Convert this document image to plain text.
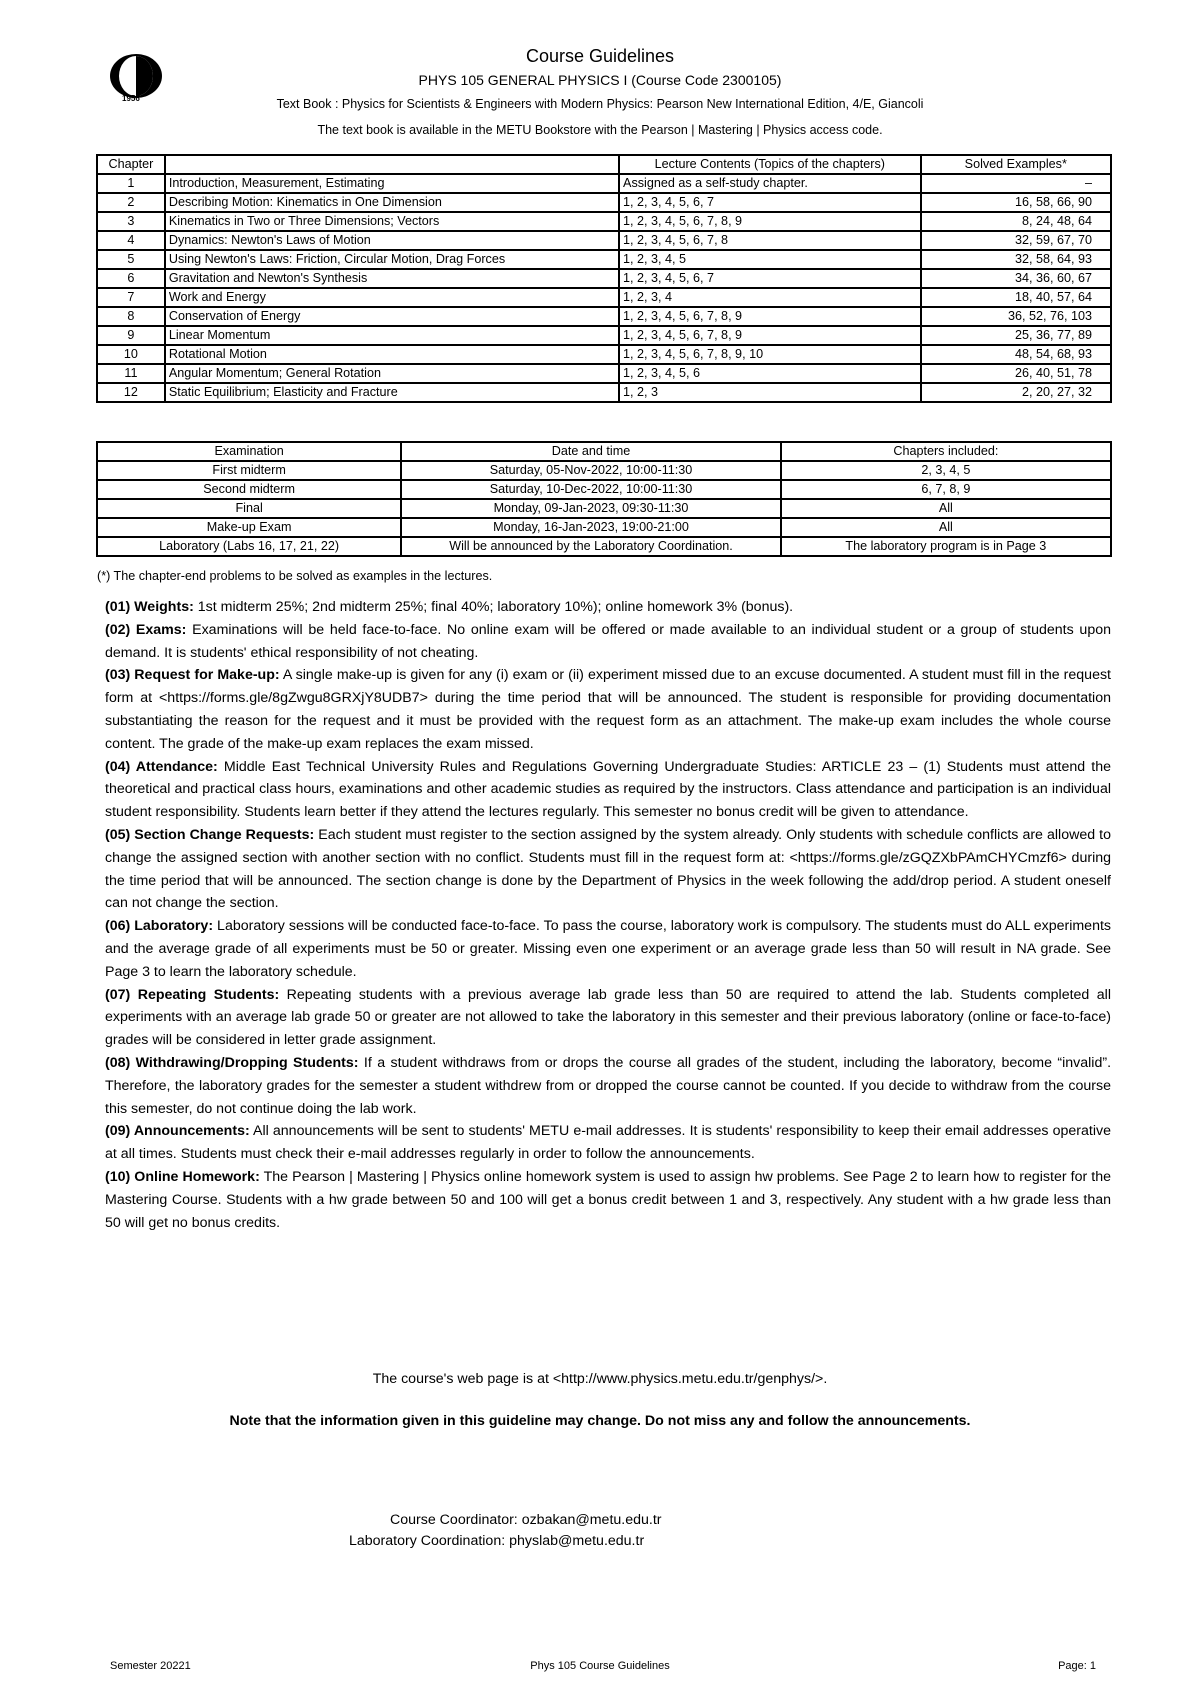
1956
Course Guidelines
PHYS 105 GENERAL PHYSICS I (Course Code 2300105)
Text Book : Physics for Scientists & Engineers with Modern Physics: Pearson New International Edition, 4/E, Giancoli
The text book is available in the METU Bookstore with the Pearson | Mastering | Physics access code.
Chapter		Lecture Contents (Topics of the chapters)	Solved Examples*
1	Introduction, Measurement, Estimating	Assigned as a self-study chapter.	–
2	Describing Motion: Kinematics in One Dimension	1, 2, 3, 4, 5, 6, 7	16, 58, 66, 90
3	Kinematics in Two or Three Dimensions; Vectors	1, 2, 3, 4, 5, 6, 7, 8, 9	8, 24, 48, 64
4	Dynamics: Newton's Laws of Motion	1, 2, 3, 4, 5, 6, 7, 8	32, 59, 67, 70
5	Using Newton's Laws: Friction, Circular Motion, Drag Forces	1, 2, 3, 4, 5	32, 58, 64, 93
6	Gravitation and Newton's Synthesis	1, 2, 3, 4, 5, 6, 7	34, 36, 60, 67
7	Work and Energy	1, 2, 3, 4	18, 40, 57, 64
8	Conservation of Energy	1, 2, 3, 4, 5, 6, 7, 8, 9	36, 52, 76, 103
9	Linear Momentum	1, 2, 3, 4, 5, 6, 7, 8, 9	25, 36, 77, 89
10	Rotational Motion	1, 2, 3, 4, 5, 6, 7, 8, 9, 10	48, 54, 68, 93
11	Angular Momentum; General Rotation	1, 2, 3, 4, 5, 6	26, 40, 51, 78
12	Static Equilibrium; Elasticity and Fracture	1, 2, 3	2, 20, 27, 32
Examination	Date and time	Chapters included:
First midterm	Saturday, 05-Nov-2022, 10:00-11:30	2, 3, 4, 5
Second midterm	Saturday, 10-Dec-2022, 10:00-11:30	6, 7, 8, 9
Final	Monday, 09-Jan-2023, 09:30-11:30	All
Make-up Exam	Monday, 16-Jan-2023, 19:00-21:00	All
Laboratory (Labs 16, 17, 21, 22)	Will be announced by the Laboratory Coordination.	The laboratory program is in Page 3
(*) The chapter-end problems to be solved as examples in the lectures.

(01) Weights: 1st midterm 25%; 2nd midterm 25%; final 40%; laboratory 10%); online homework 3% (bonus).

(02) Exams: Examinations will be held face-to-face. No online exam will be offered or made available to an individual student or a group of students upon demand. It is students' ethical responsibility of not cheating.

(03) Request for Make-up: A single make-up is given for any (i) exam or (ii) experiment missed due to an excuse documented. A student must fill in the request form at <https://forms.gle/8gZwgu8GRXjY8UDB7> during the time period that will be announced. The student is responsible for providing documentation substantiating the reason for the request and it must be provided with the request form as an attachment. The make-up exam includes the whole course content. The grade of the make-up exam replaces the exam missed.

(04) Attendance: Middle East Technical University Rules and Regulations Governing Undergraduate Studies: ARTICLE 23 – (1) Students must attend the theoretical and practical class hours, examinations and other academic studies as required by the instructors. Class attendance and participation is an individual student responsibility. Students learn better if they attend the lectures regularly. This semester no bonus credit will be given to attendance.

(05) Section Change Requests: Each student must register to the section assigned by the system already. Only students with schedule conflicts are allowed to change the assigned section with another section with no conflict. Students must fill in the request form at: <https://forms.gle/zGQZXbPAmCHYCmzf6> during the time period that will be announced. The section change is done by the Department of Physics in the week following the add/drop period. A student oneself can not change the section.

(06) Laboratory: Laboratory sessions will be conducted face-to-face. To pass the course, laboratory work is compulsory. The students must do ALL experiments and the average grade of all experiments must be 50 or greater. Missing even one experiment or an average grade less than 50 will result in NA grade. See Page 3 to learn the laboratory schedule.

(07) Repeating Students: Repeating students with a previous average lab grade less than 50 are required to attend the lab. Students completed all experiments with an average lab grade 50 or greater are not allowed to take the laboratory in this semester and their previous laboratory (online or face-to-face) grades will be considered in letter grade assignment.

(08) Withdrawing/Dropping Students: If a student withdraws from or drops the course all grades of the student, including the laboratory, become “invalid”. Therefore, the laboratory grades for the semester a student withdrew from or dropped the course cannot be counted. If you decide to withdraw from the course this semester, do not continue doing the lab work.

(09) Announcements: All announcements will be sent to students' METU e-mail addresses. It is students' responsibility to keep their email addresses operative at all times. Students must check their e-mail addresses regularly in order to follow the announcements.

(10) Online Homework: The Pearson | Mastering | Physics online homework system is used to assign hw problems. See Page 2 to learn how to register for the Mastering Course. Students with a hw grade between 50 and 100 will get a bonus credit between 1 and 3, respectively. Any student with a hw grade less than 50 will get no bonus credits.

The course's web page is at <http://www.physics.metu.edu.tr/genphys/>.
Note that the information given in this guideline may change. Do not miss any and follow the announcements.
Course Coordinator: ozbakan@metu.edu.tr
Laboratory Coordination: physlab@metu.edu.tr
Semester 20221	Phys 105 Course Guidelines	Page: 1
